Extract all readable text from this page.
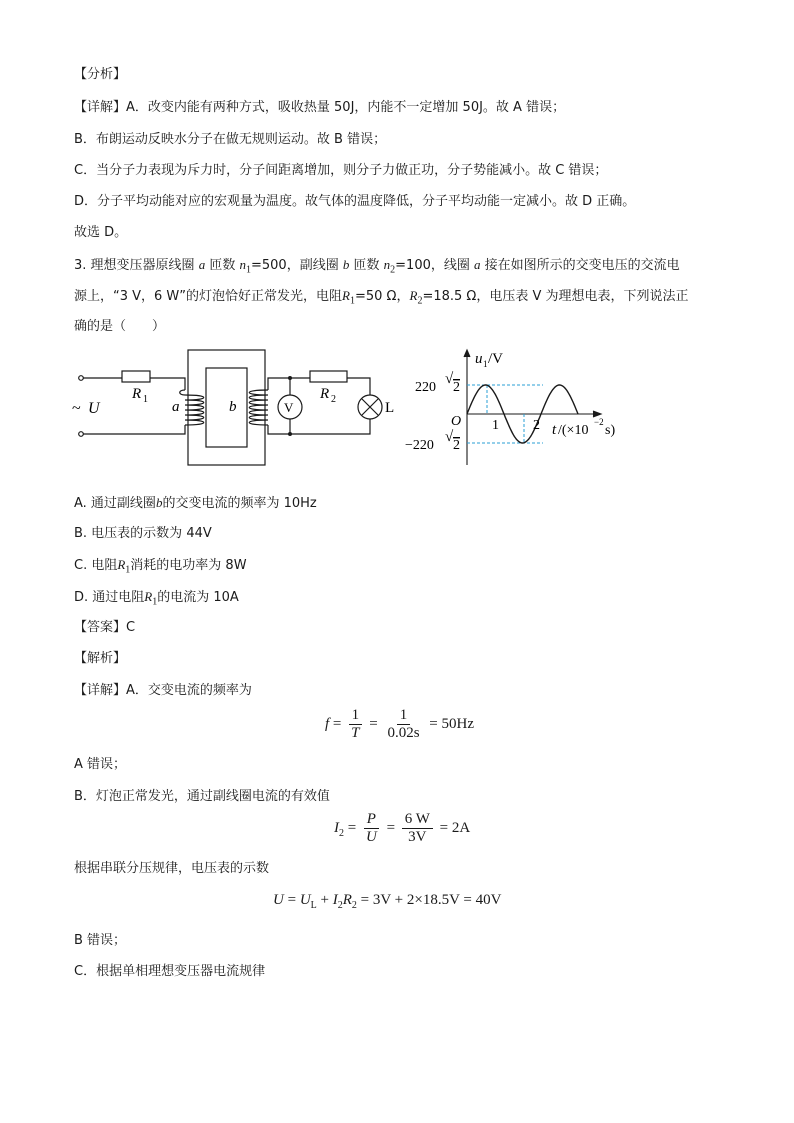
【分析】
【详解】A．改变内能有两种方式，吸收热量 50J，内能不一定增加 50J。故 A 错误；
B．布朗运动反映水分子在做无规则运动。故 B 错误；
C．当分子力表现为斥力时，分子间距离增加，则分子力做正功，分子势能减小。故 C 错误；
D．分子平均动能对应的宏观量为温度。故气体的温度降低，分子平均动能一定减小。故 D 正确。
故选 D。
3. 理想变压器原线圈 a 匝数 $n_1=500$，副线圈 b 匝数 $n_2=100$，线圈 a 接在如图所示的交变电压的交流电
源上，“3 V，6 W”的灯泡恰好正常发光，电阻$R_1=50$ Ω，$R_2=18.5$ Ω，电压表 V 为理想电表，下列说法正
确的是（　　）
R 1	R 2
a	b	V	L
~ U
u 1 /V
220
√
2
−220
√
2
O 1 2 t /(×10
−2
s)
A. 通过副线圈b的交变电流的频率为 10Hz
B. 电压表的示数为 44V
C. 电阻$R_1$消耗的电功率为 8W
D. 通过电阻$R_1$的电流为 10A
【答案】C
【解析】
【详解】A．交变电流的频率为
$f = \frac{1}{T} = \frac{1}{0.02s} = 50Hz$
A 错误；
B．灯泡正常发光，通过副线圈电流的有效值
$I_2 = \frac{P}{U} = \frac{6 W}{3V} = 2A$
根据串联分压规律，电压表的示数
$U = U_L + I_2R_2 = 3V + 2\times 18.5V = 40V$
B 错误；
C．根据单相理想变压器电流规律
